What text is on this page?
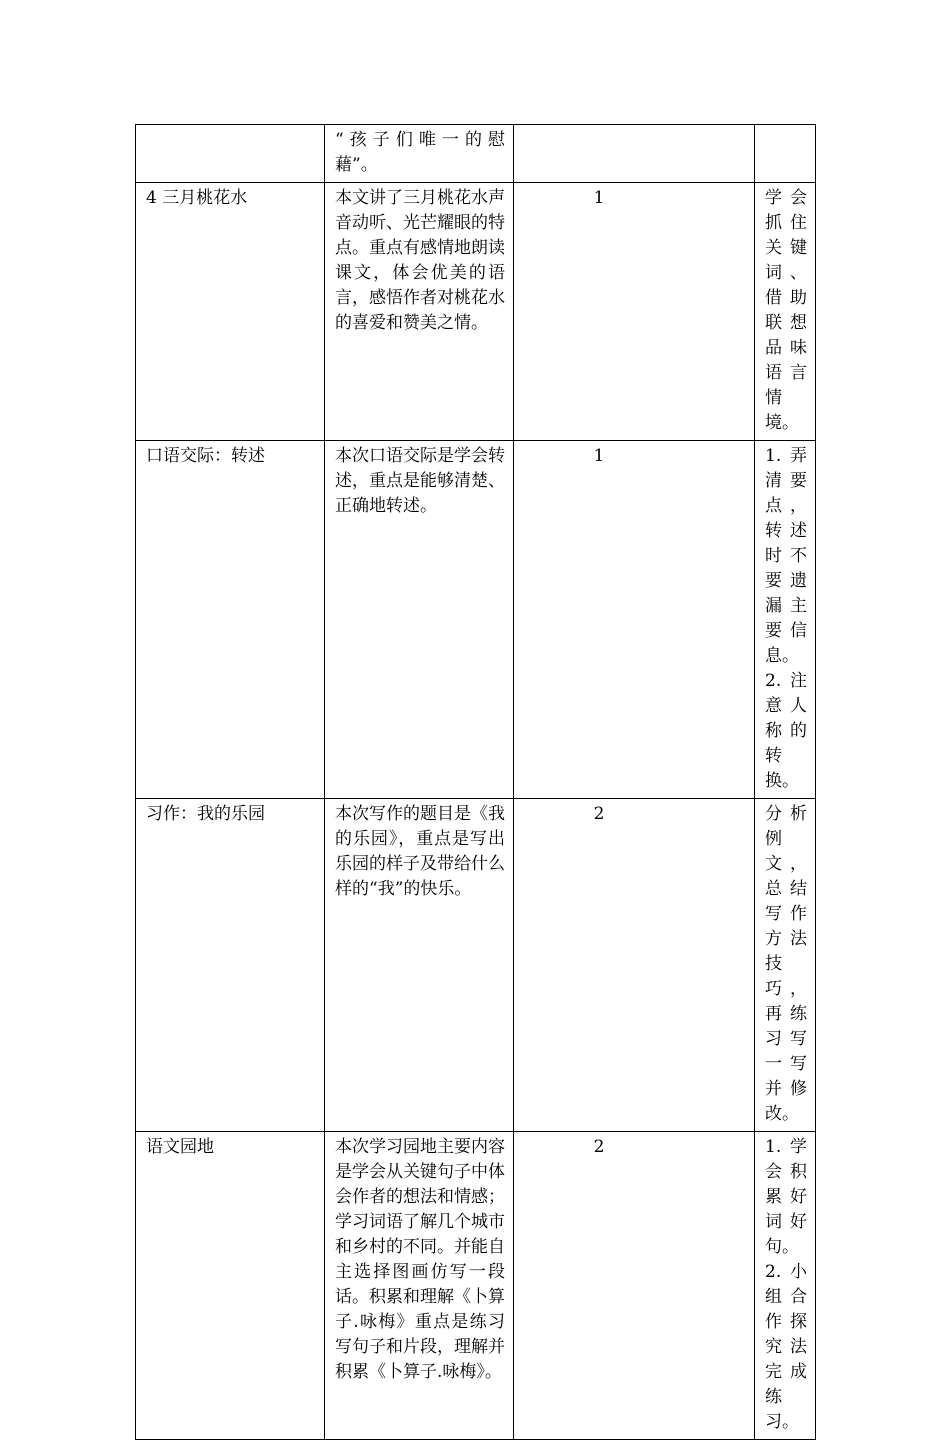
	“孩子们唯一的慰藉”。		
4 三月桃花水	本文讲了三月桃花水声音动听、光芒耀眼的特点。重点有感情地朗读课文，体会优美的语言，感悟作者对桃花水的喜爱和赞美之情。	1	学会抓住关键词、借助联想品味语言情境。

口语交际：转述	本次口语交际是学会转述，重点是能够清楚、正确地转述。	1	1.弄清要点，转述时不要遗漏主要信息。
2.注意人称的转换。

习作：我的乐园	本次写作的题目是《我的乐园》，重点是写出乐园的样子及带给什么样的“我”的快乐。	2	分析例文，总结写作方法技巧，再练习写一写并修改。

语文园地	本次学习园地主要内容是学会从关键句子中体会作者的想法和情感；学习词语了解几个城市和乡村的不同。并能自主选择图画仿写一段话。积累和理解《卜算子.咏梅》重点是练习写句子和片段，理解并积累《卜算子.咏梅》。	2	1.学会积累好词好句。
2.小组合作探究法完成练习。
